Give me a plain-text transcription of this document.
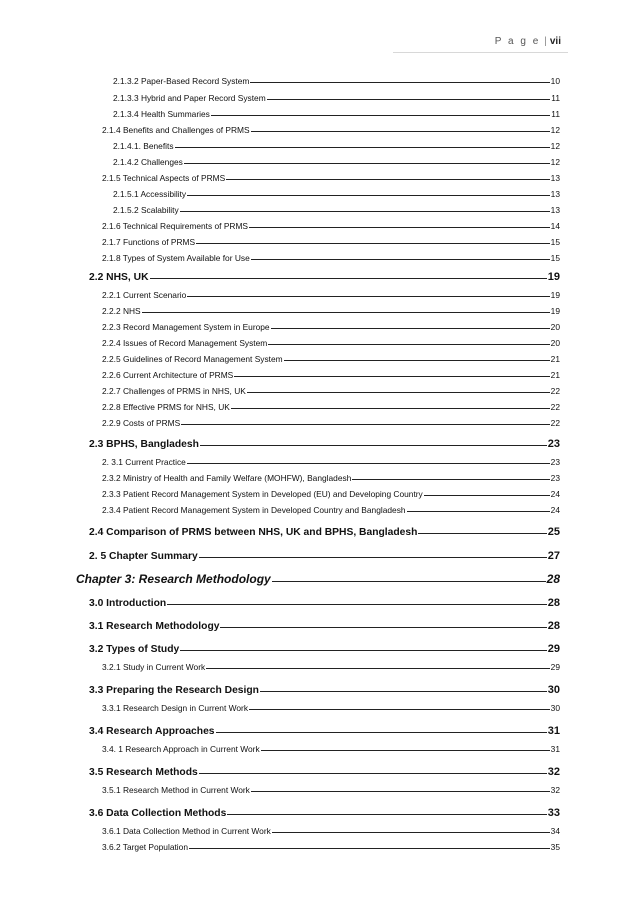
P a g e | vii
2.1.3.2 Paper-Based Record System	10
2.1.3.3 Hybrid and Paper Record System	11
2.1.3.4 Health Summaries	11
2.1.4 Benefits and Challenges of PRMS	12
2.1.4.1. Benefits	12
2.1.4.2 Challenges	12
2.1.5 Technical Aspects of PRMS	13
2.1.5.1 Accessibility	13
2.1.5.2 Scalability	13
2.1.6 Technical Requirements of PRMS	14
2.1.7 Functions of PRMS	15
2.1.8 Types of System Available for Use	15
2.2 NHS, UK	19
2.2.1 Current Scenario	19
2.2.2 NHS	19
2.2.3 Record Management System in Europe	20
2.2.4 Issues of Record Management System	20
2.2.5 Guidelines of Record Management System	21
2.2.6 Current Architecture of PRMS	21
2.2.7 Challenges of PRMS in NHS, UK	22
2.2.8 Effective PRMS for NHS, UK	22
2.2.9 Costs of PRMS	22
2.3 BPHS, Bangladesh	23
2. 3.1 Current Practice	23
2.3.2 Ministry of Health and Family Welfare (MOHFW), Bangladesh	23
2.3.3 Patient Record Management System in Developed (EU) and Developing Country	24
2.3.4 Patient Record Management System in Developed Country and Bangladesh	24
2.4 Comparison of PRMS between NHS, UK and BPHS, Bangladesh	25
2. 5 Chapter Summary	27
Chapter 3: Research Methodology	28
3.0 Introduction	28
3.1 Research Methodology	28
3.2 Types of Study	29
3.2.1 Study in Current Work	29
3.3 Preparing the Research Design	30
3.3.1 Research Design in Current Work	30
3.4 Research Approaches	31
3.4. 1 Research Approach in Current Work	31
3.5 Research Methods	32
3.5.1 Research Method in Current Work	32
3.6 Data Collection Methods	33
3.6.1 Data Collection Method in Current Work	34
3.6.2 Target Population	35
